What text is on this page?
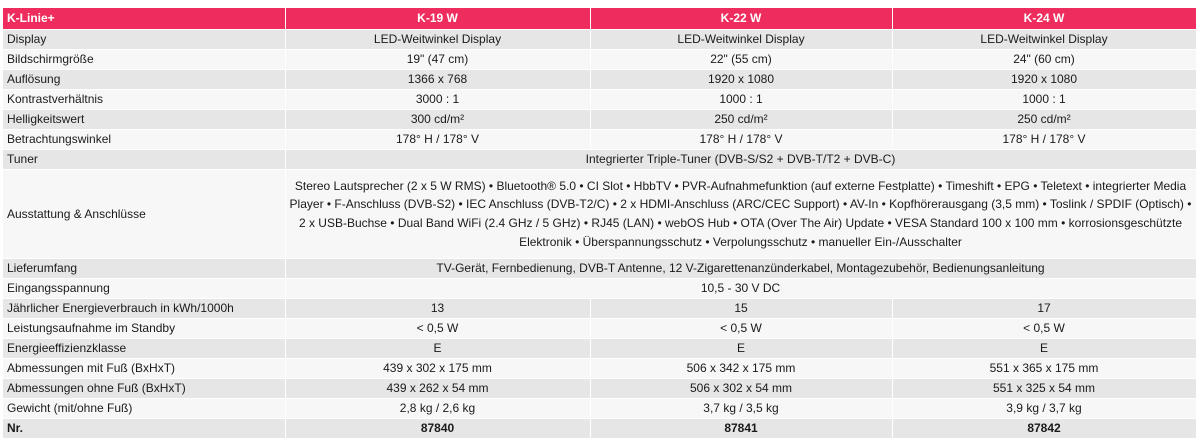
K-Linie+	K-19 W	K-22 W	K-24 W
Display	LED-Weitwinkel Display	LED-Weitwinkel Display	LED-Weitwinkel Display
Bildschirmgröße	19" (47 cm)	22" (55 cm)	24" (60 cm)
Auflösung	1366 x 768	1920 x 1080	1920 x 1080
Kontrastverhältnis	3000 : 1	1000 : 1	1000 : 1
Helligkeitswert	300 cd/m²	250 cd/m²	250 cd/m²
Betrachtungswinkel	178° H / 178° V	178° H / 178° V	178° H / 178° V
Tuner	Integrierter Triple-Tuner (DVB-S/S2 + DVB-T/T2 + DVB-C)		
Ausstattung & Anschlüsse	Stereo Lautsprecher (2 x 5 W RMS) • Bluetooth® 5.0 • CI Slot • HbbTV • PVR-Aufnahmefunktion (auf externe Festplatte) • Timeshift • EPG • Teletext • integrierter Media Player • F-Anschluss (DVB-S2) • IEC Anschluss (DVB-T2/C) • 2 x HDMI-Anschluss (ARC/CEC Support) • AV-In • Kopfhörerausgang (3,5 mm) • Toslink / SPDIF (Optisch) • 2 x USB-Buchse • Dual Band WiFi (2.4 GHz / 5 GHz) • RJ45 (LAN) • webOS Hub • OTA (Over The Air) Update • VESA Standard 100 x 100 mm • korrosionsgeschützte Elektronik • Überspannungsschutz • Verpolungsschutz • manueller Ein-/Ausschalter		
Lieferumfang	TV-Gerät, Fernbedienung, DVB-T Antenne, 12 V-Zigarettenanzünderkabel, Montagezubehör, Bedienungsanleitung		
Eingangsspannung	10,5 - 30 V DC		
Jährlicher Energieverbrauch in kWh/1000h	13	15	17
Leistungsaufnahme im Standby	< 0,5 W	< 0,5 W	< 0,5 W
Energieeffizienzklasse	E	E	E
Abmessungen mit Fuß (BxHxT)	439 x 302 x 175 mm	506 x 342 x 175 mm	551 x 365 x 175 mm
Abmessungen ohne Fuß (BxHxT)	439 x 262 x 54 mm	506 x 302 x 54 mm	551 x 325 x 54 mm
Gewicht (mit/ohne Fuß)	2,8 kg / 2,6 kg	3,7 kg / 3,5 kg	3,9 kg / 3,7 kg
Nr.	87840	87841	87842
